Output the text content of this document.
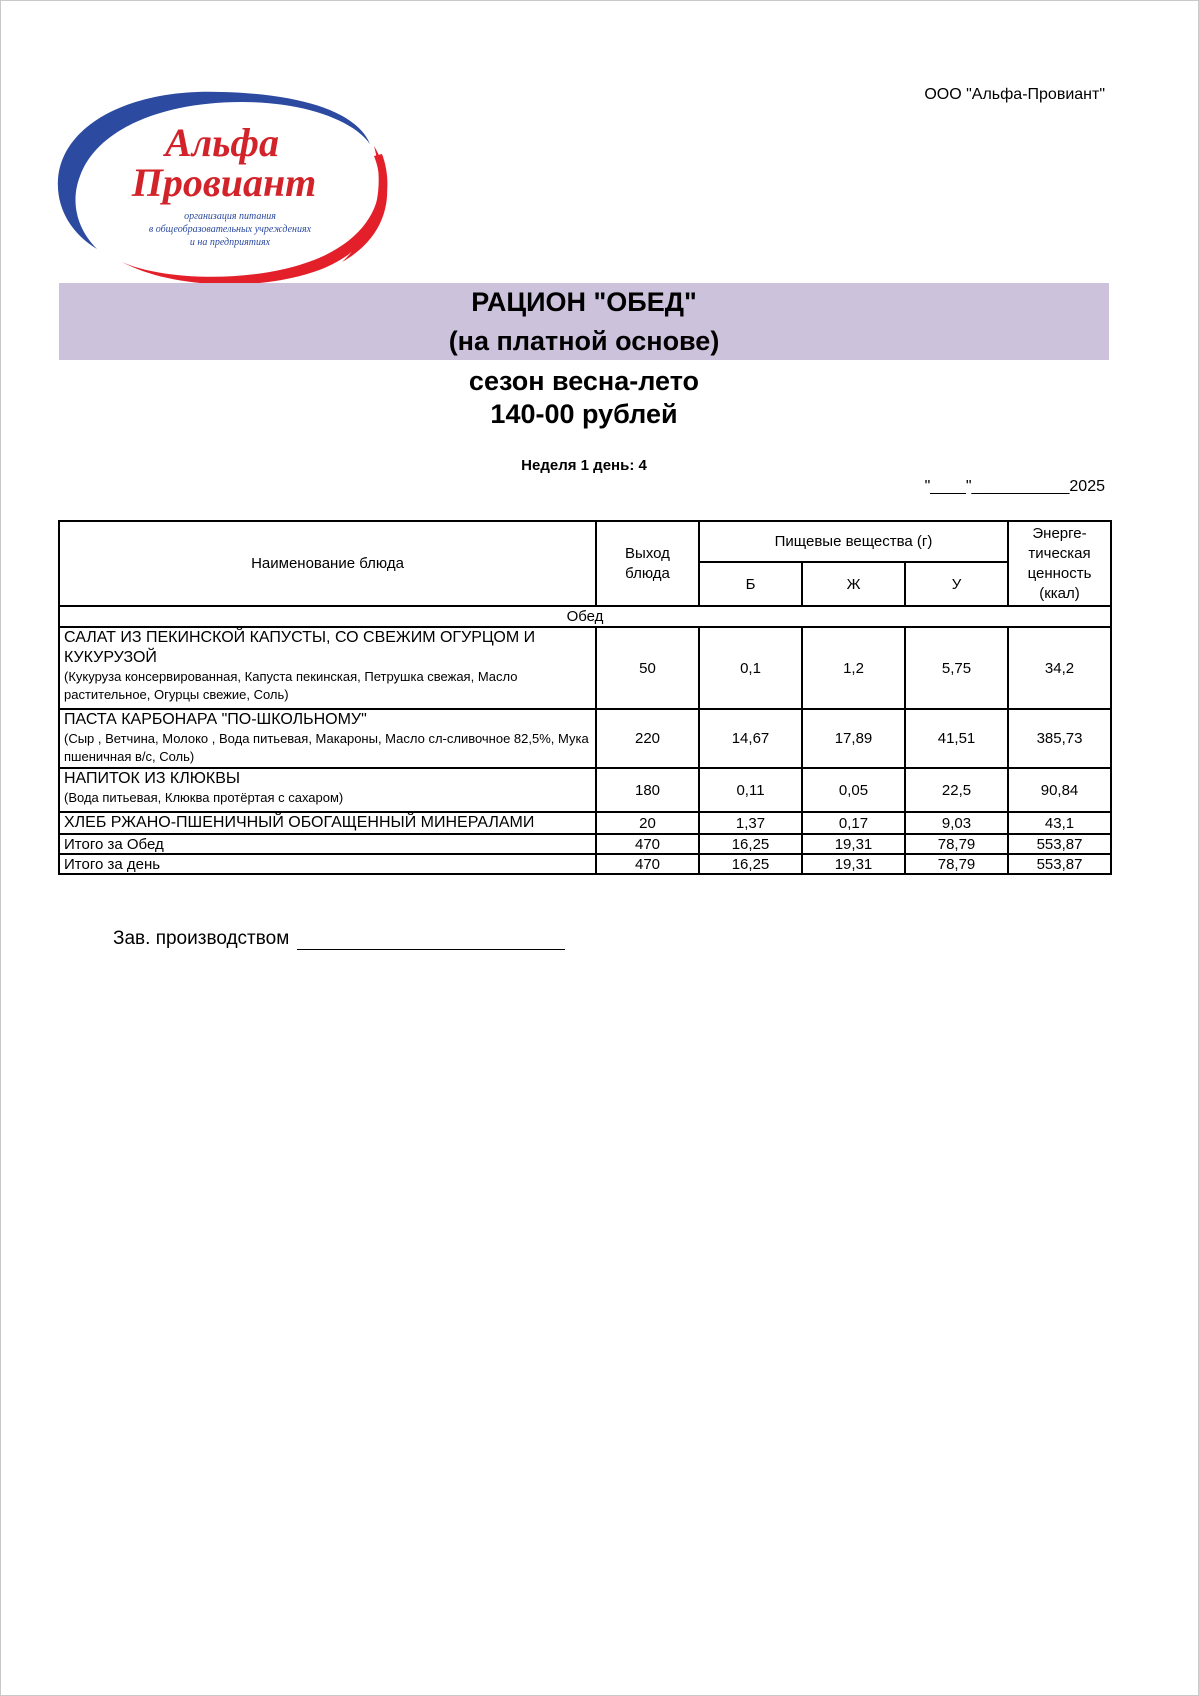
ООО "Альфа-Провиант"
Альфа
Провиант
организация питания
в общеобразовательных учреждениях
и на предприятиях
РАЦИОН "ОБЕД"
(на платной основе)
сезон весна-лето
140-00 рублей
Неделя 1 день: 4
"____"___________2025
Наименование блюда	Выход блюда	Пищевые вещества (г)			Энерге-тическая ценность (ккал)
		Б	Ж	У	
Обед					

САЛАТ ИЗ ПЕКИНСКОЙ КАПУСТЫ, СО СВЕЖИМ ОГУРЦОМ И КУКУРУЗОЙ
(Кукуруза консервированная, Капуста пекинская, Петрушка свежая, Масло растительное, Огурцы свежие, Соль)	50	0,1	1,2	5,75	34,2

ПАСТА КАРБОНАРА "ПО-ШКОЛЬНОМУ"
(Сыр , Ветчина, Молоко , Вода питьевая, Макароны, Масло сл-сливочное 82,5%, Мука пшеничная в/с, Соль)	220	14,67	17,89	41,51	385,73

НАПИТОК ИЗ КЛЮКВЫ
(Вода питьевая, Клюква протёртая с сахаром)	180	0,11	0,05	22,5	90,84

ХЛЕБ РЖАНО-ПШЕНИЧНЫЙ ОБОГАЩЕННЫЙ МИНЕРАЛАМИ	20	1,37	0,17	9,03	43,1
Итого за Обед	470	16,25	19,31	78,79	553,87
Итого за день	470	16,25	19,31	78,79	553,87
Зав. производством
